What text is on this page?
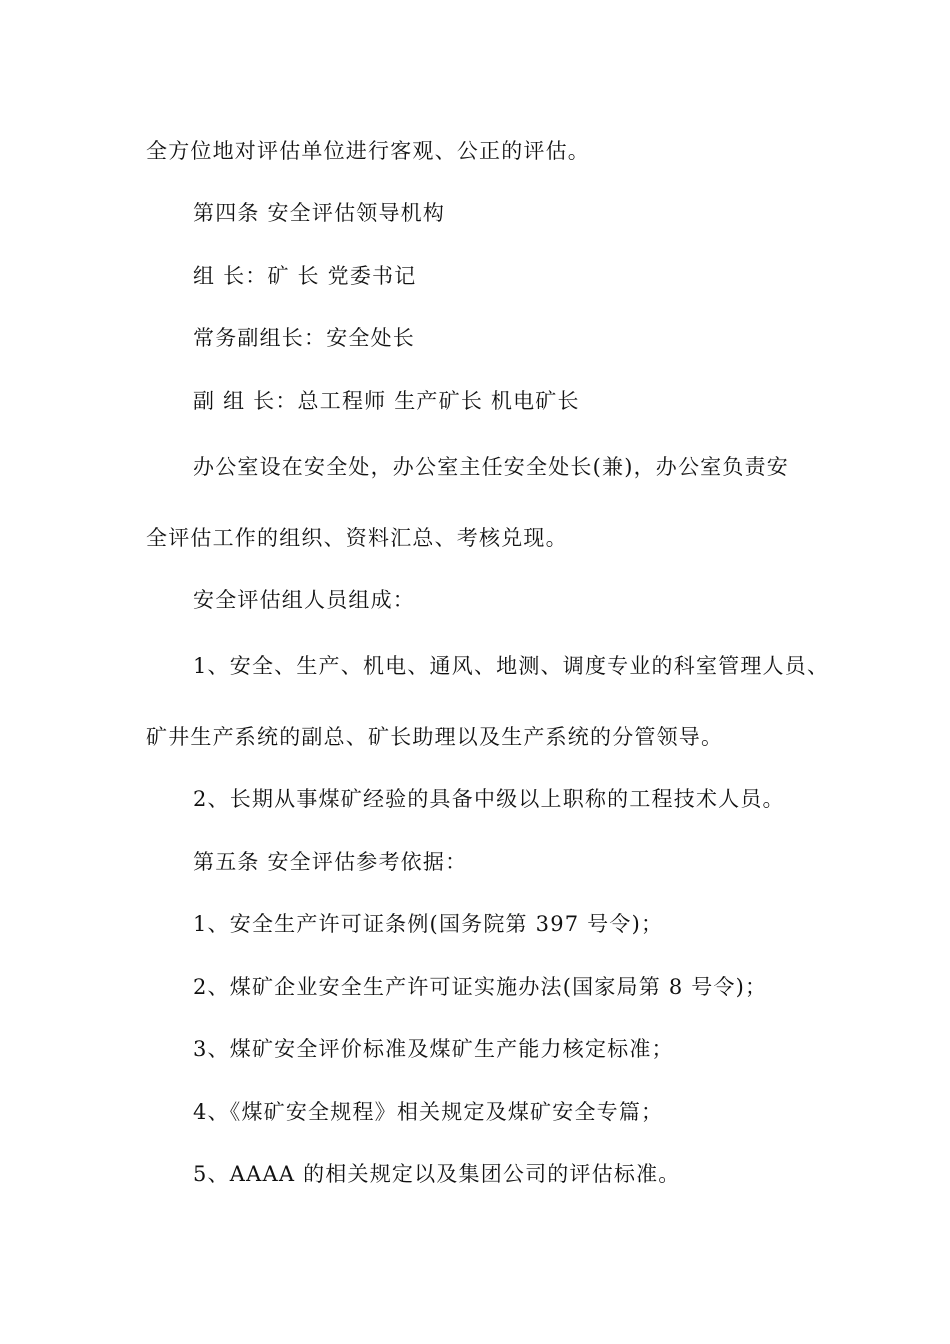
全方位地对评估单位进行客观、公正的评估。
第四条 安全评估领导机构
组 长：矿 长 党委书记
常务副组长：安全处长
副 组 长：总工程师 生产矿长 机电矿长
办公室设在安全处，办公室主任安全处长(兼)，办公室负责安
全评估工作的组织、资料汇总、考核兑现。
安全评估组人员组成：
1、安全、生产、机电、通风、地测、调度专业的科室管理人员、
矿井生产系统的副总、矿长助理以及生产系统的分管领导。
2、长期从事煤矿经验的具备中级以上职称的工程技术人员。
第五条 安全评估参考依据：
1、安全生产许可证条例(国务院第 397 号令)；
2、煤矿企业安全生产许可证实施办法(国家局第 8 号令)；
3、煤矿安全评价标准及煤矿生产能力核定标准；
4、《煤矿安全规程》相关规定及煤矿安全专篇；
5、AAAA 的相关规定以及集团公司的评估标准。
